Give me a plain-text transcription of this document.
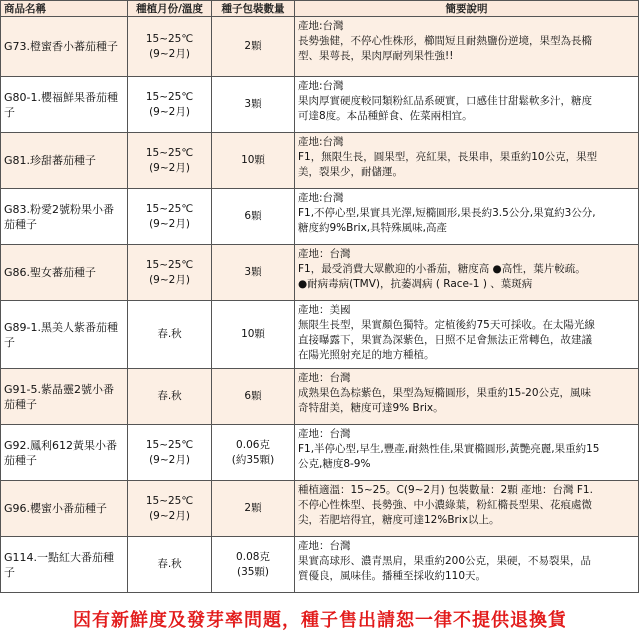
商品名稱	種植月份/溫度	種子包裝數量	簡要說明
G73.橙蜜香小蕃茄種子	15~25℃
(9~2月)	2顆	產地:台灣
長勢強健，不停心性株形，櫛間短且耐熱鹽份逆境，果型為長橢
型、果萼長，果肉厚耐列果性強!!

G80-1.櫻福鮮果番茄種子	15~25℃
(9~2月)	3顆	產地:台灣
果肉厚實硬度較同類粉紅品系硬實，口感佳甘甜鬆軟多汁，糖度
可達8度。本品種鮮食、佐菜兩相宜。

G81.珍甜蕃茄種子	15~25℃
(9~2月)	10顆	產地:台灣
F1，無限生長，圓果型，亮紅果，長果串，果重約10公克，果型
美，裂果少，耐儲運。

G83.粉愛2號粉果小番茄種子	15~25℃
(9~2月)	6顆	產地:台灣
F1,不停心型,果實具光澤,短橢圓形,果長約3.5公分,果寬約3公分,
糖度約9%Brix,具特殊風味,高產

G86.聖女蕃茄種子	15~25℃
(9~2月)	3顆	產地：台灣
F1，最受消費大眾歡迎的小番茄，糖度高 ●高性，葉片較疏。
●耐病毒病(TMV)，抗萎凋病 ( Race-1 ) 、葉斑病

G89-1.黑美人紫番茄種子	春.秋	10顆	產地：美國
無限生長型，果實顏色獨特。定植後約75天可採收。在太陽光線
直接曝露下，果實為深紫色，日照不足會無法正常轉色，故建議
在陽光照射充足的地方種植。

G91-5.紫晶靈2號小番茄種子	春.秋	6顆	產地：台灣
成熟果色為棕紫色，果型為短橢圓形，果重約15-20公克，風味
奇特甜美，糖度可達9% Brix。

G92.鳳利612黃果小番茄種子	15~25℃
(9~2月)	0.06克
(約35顆)	產地：台灣
F1,半停心型,早生,豐產,耐熱性佳,果實橢圓形,黃艷亮麗,果重約15
公克,糖度8-9%

G96.櫻蜜小番茄種子	15~25℃
(9~2月)	2顆	種植適溫：15~25。C(9~2月) 包裝數量：2顆 產地：台灣 F1.
不停心性株型、長勢強、中小濃綠葉，粉紅橢長型果、花痕處微
尖，若肥培得宜，糖度可達12%Brix以上。

G114.一點紅大番茄種子	春.秋	0.08克
(35顆)	產地：台灣
果實高球形、濃青黑肩，果重約200公克，果硬，不易裂果，品
質優良，風味佳。播種至採收約110天。
因有新鮮度及發芽率問題，種子售出請恕一律不提供退換貨
